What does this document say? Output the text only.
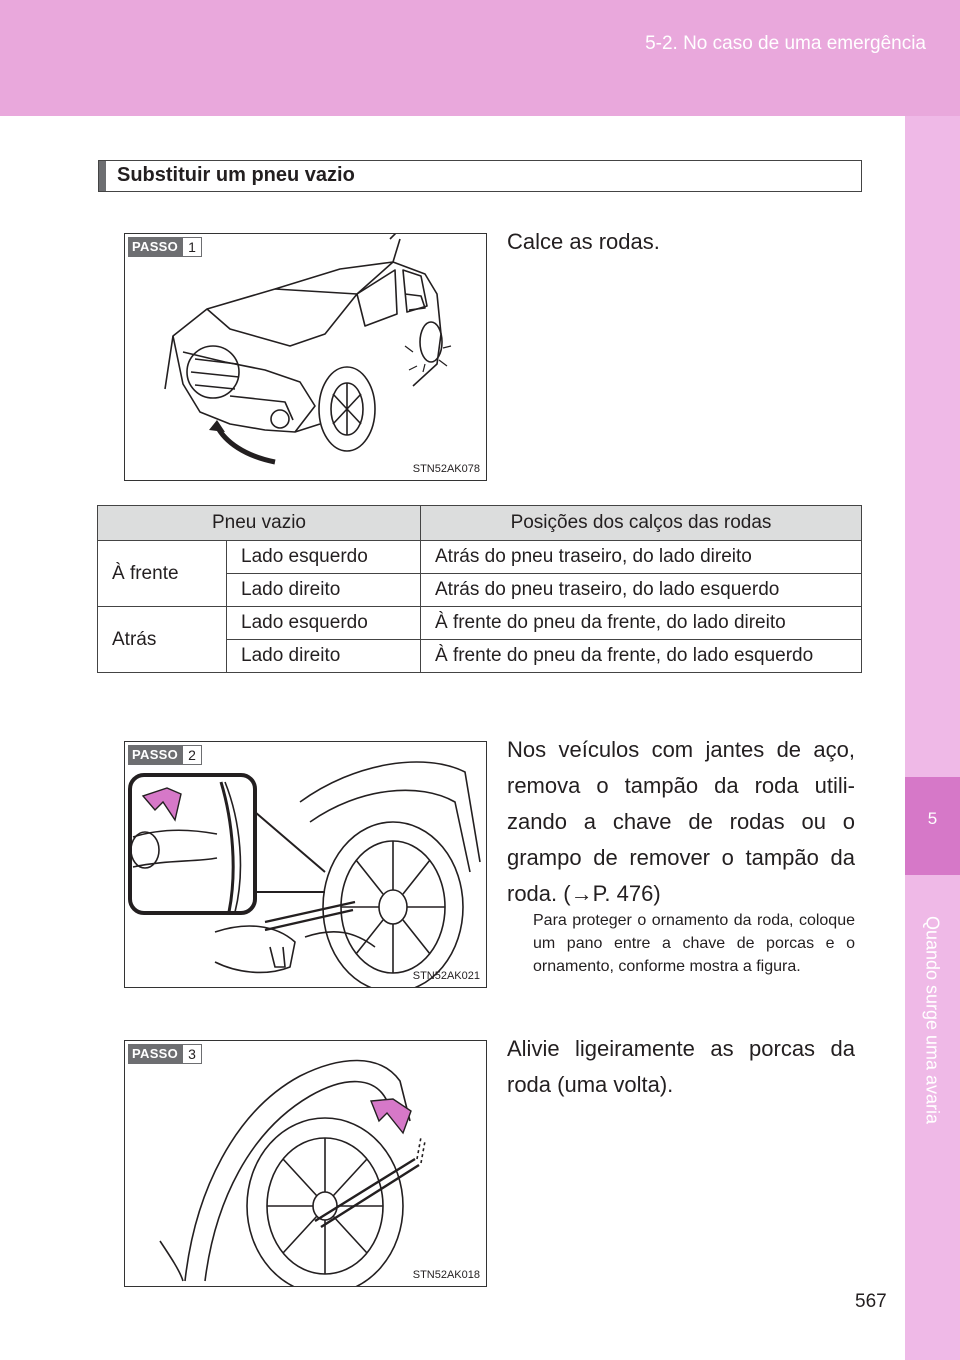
5-2. No caso de uma emergência
5
Quando surge uma avaria
Substituir um pneu vazio
PASSO 1
STN52AK078
Calce as rodas.
Pneu vazio		Posições dos calços das rodas
À frente	Lado esquerdo	Atrás do pneu traseiro, do lado direito
	Lado direito	Atrás do pneu traseiro, do lado esquerdo
Atrás	Lado esquerdo	À frente do pneu da frente, do lado direito
	Lado direito	À frente do pneu da frente, do lado esquerdo
PASSO 2
STN52AK021
Nos veículos com jantes de aço, remova o tampão da roda utili-zando a chave de rodas ou o grampo de remover o tampão da roda. (→P. 476)
Para proteger o ornamento da roda, coloque um pano entre a chave de porcas e o ornamento, conforme mostra a figura.
PASSO 3
STN52AK018
Alivie ligeiramente as porcas da roda (uma volta).
567
